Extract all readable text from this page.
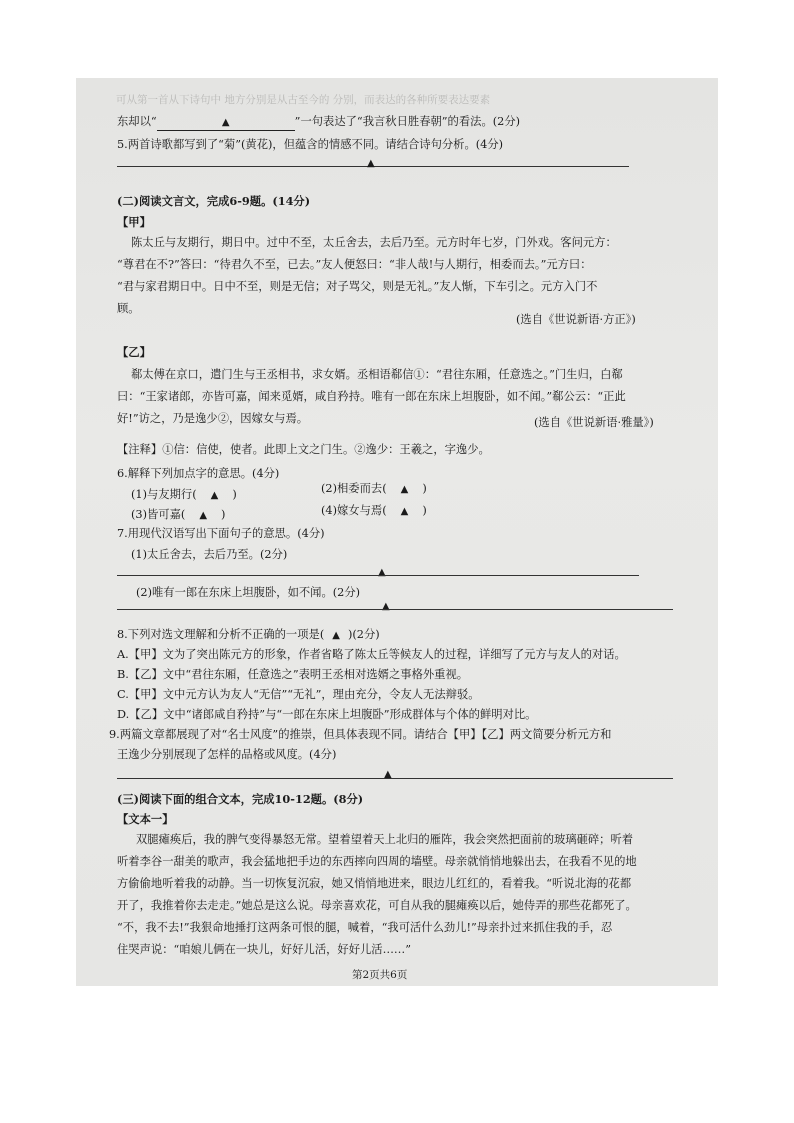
可从第一首从下诗句中 地方分别是从古至今的 分别，而表达的各种所要表达要素
东却以“	▲	”一句表达了“我言秋日胜春朝”的看法。(2分)
5.两首诗歌都写到了“菊”(黄花)，但蕴含的情感不同。请结合诗句分析。(4分)
▲
(二)阅读文言文，完成6-9题。(14分)
【甲】
陈太丘与友期行，期日中。过中不至，太丘舍去，去后乃至。元方时年七岁，门外戏。客问元方：
“尊君在不?”答曰：“待君久不至，已去。”友人便怒曰：“非人哉!与人期行，相委而去。”元方曰：
“君与家君期日中。日中不至，则是无信；对子骂父，则是无礼。”友人惭，下车引之。元方入门不
顾。
(选自《世说新语·方正》)
【乙】
郗太傅在京口，遣门生与王丞相书，求女婿。丞相语郗信①：“君往东厢，任意选之。”门生归，白郗
曰：“王家诸郎，亦皆可嘉，闻来觅婿，咸自矜持。唯有一郎在东床上坦腹卧，如不闻。”郗公云：“正此
好!”访之，乃是逸少②，因嫁女与焉。	(选自《世说新语·雅量》)
【注释】①信：信使，使者。此即上文之门生。②逸少：王羲之，字逸少。
6.解释下列加点字的意思。(4分)
(1)与友期行( ▲ )	(2)相委而去( ▲ )
(3)皆可嘉( ▲ )	(4)嫁女与焉( ▲ )
7.用现代汉语写出下面句子的意思。(4分)
(1)太丘舍去，去后乃至。(2分)
▲
(2)唯有一郎在东床上坦腹卧，如不闻。(2分)
▲
8.下列对选文理解和分析不正确的一项是( ▲ )(2分)
A.【甲】文为了突出陈元方的形象，作者省略了陈太丘等候友人的过程，详细写了元方与友人的对话。
B.【乙】文中“君往东厢，任意选之”表明王丞相对选婿之事格外重视。
C.【甲】文中元方认为友人“无信”“无礼”，理由充分，令友人无法辩驳。
D.【乙】文中“诸郎咸自矜持”与“一郎在东床上坦腹卧”形成群体与个体的鲜明对比。
9.两篇文章都展现了对“名士风度”的推崇，但具体表现不同。请结合【甲】【乙】两文简要分析元方和
王逸少分别展现了怎样的品格或风度。(4分)
▲
(三)阅读下面的组合文本，完成10-12题。(8分)
【文本一】
双腿瘫痪后，我的脾气变得暴怒无常。望着望着天上北归的雁阵，我会突然把面前的玻璃砸碎；听着
听着李谷一甜美的歌声，我会猛地把手边的东西摔向四周的墙壁。母亲就悄悄地躲出去，在我看不见的地
方偷偷地听着我的动静。当一切恢复沉寂，她又悄悄地进来，眼边儿红红的，看着我。“听说北海的花都
开了，我推着你去走走。”她总是这么说。母亲喜欢花，可自从我的腿瘫痪以后，她侍弄的那些花都死了。
“不，我不去!”我狠命地捶打这两条可恨的腿，喊着，“我可活什么劲儿!”母亲扑过来抓住我的手，忍
住哭声说：“咱娘儿俩在一块儿，好好儿活，好好儿活……”
第2页共6页
